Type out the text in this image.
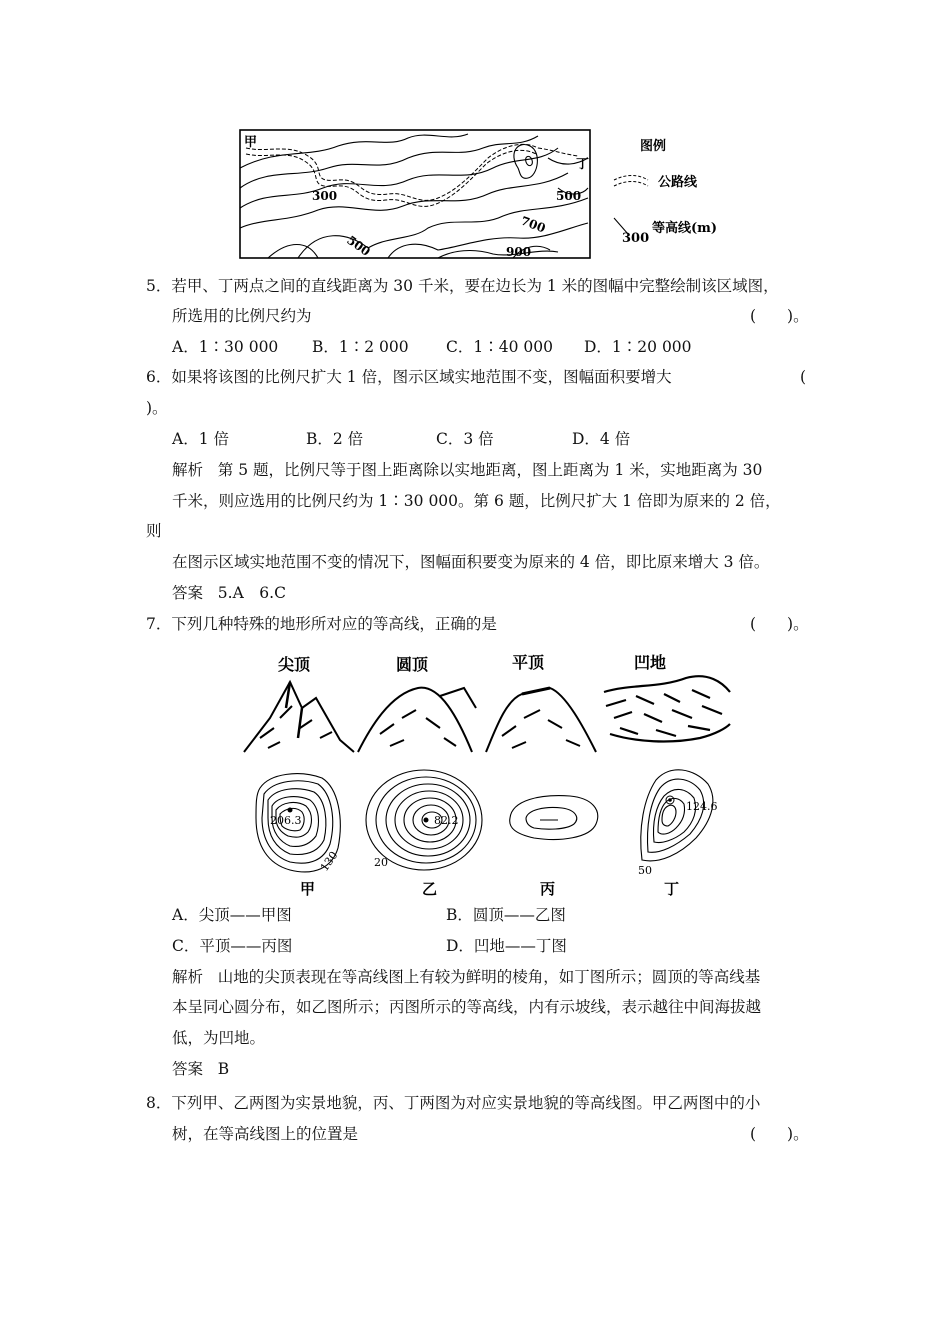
甲
丁
300	500
500
700
900
图例
公路线
300
等高线(m)
5．若甲、丁两点之间的直线距离为 30 千米，要在边长为 1 米的图幅中完整绘制该区域图，
所选用的比例尺约为	(　　)。
A．1∶30 000 B．1∶2 000 C．1∶40 000 D．1∶20 000
6．如果将该图的比例尺扩大 1 倍，图示区域实地范围不变，图幅面积要增大	(
)。
A．1 倍	B．2 倍	C．3 倍	D．4 倍
解析 第 5 题，比例尺等于图上距离除以实地距离，图上距离为 1 米，实地距离为 30
千米，则应选用的比例尺约为 1∶30 000。第 6 题，比例尺扩大 1 倍即为原来的 2 倍，
则
在图示区域实地范围不变的情况下，图幅面积要变为原来的 4 倍，即比原来增大 3 倍。
答案 5.A　6.C
7．下列几种特殊的地形所对应的等高线，正确的是	(　　)。
尖顶	圆顶	平顶	凹地
206.3
130
82.2
20
124.6
50
甲	乙	丙	丁
A．尖顶——甲图	B．圆顶——乙图
C．平顶——丙图	D．凹地——丁图
解析 山地的尖顶表现在等高线图上有较为鲜明的棱角，如丁图所示；圆顶的等高线基
本呈同心圆分布，如乙图所示；丙图所示的等高线，内有示坡线，表示越往中间海拔越
低，为凹地。
答案 B
8．下列甲、乙两图为实景地貌，丙、丁两图为对应实景地貌的等高线图。甲乙两图中的小
树，在等高线图上的位置是	(　　)。
